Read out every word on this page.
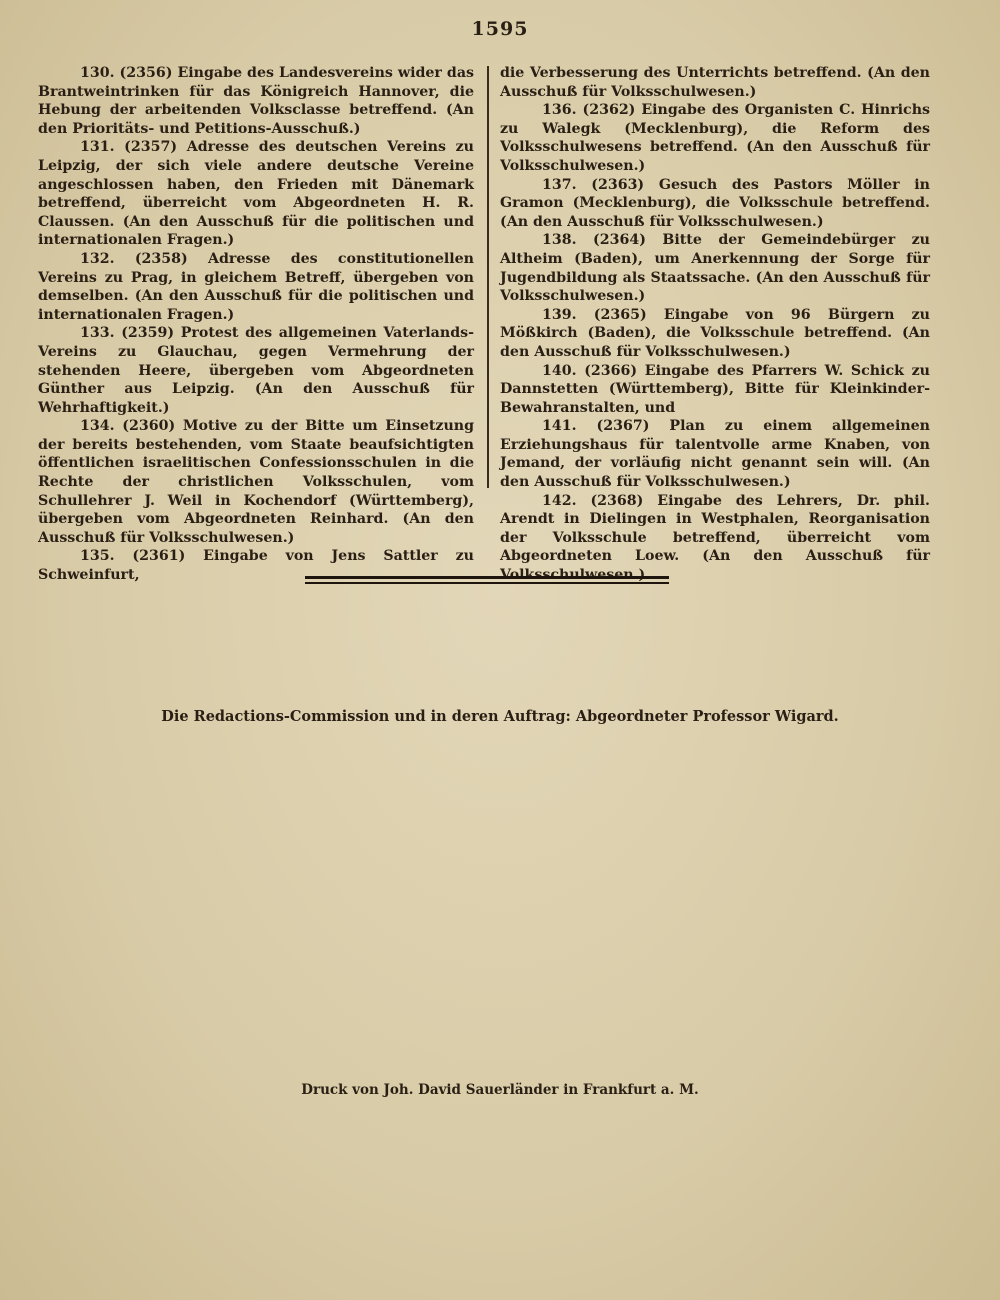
1595

130. (2356) Eingabe des Landesvereins wider das Brantweintrinken für das Königreich Hannover, die Hebung der arbeitenden Volksclasse betreffend. (An den Prioritäts- und Petitions-Ausschuß.)

131. (2357) Adresse des deutschen Vereins zu Leipzig, der sich viele andere deutsche Vereine angeschlossen haben, den Frieden mit Dänemark betreffend, überreicht vom Abgeordneten H. R. Claussen. (An den Ausschuß für die politischen und internationalen Fragen.)

132. (2358) Adresse des constitutionellen Vereins zu Prag, in gleichem Betreff, übergeben von demselben. (An den Ausschuß für die politischen und internationalen Fragen.)

133. (2359) Protest des allgemeinen Vaterlands-Vereins zu Glauchau, gegen Vermehrung der stehenden Heere, übergeben vom Abgeordneten Günther aus Leipzig. (An den Ausschuß für Wehrhaftigkeit.)

134. (2360) Motive zu der Bitte um Einsetzung der bereits bestehenden, vom Staate beaufsichtigten öffentlichen israelitischen Confessionsschulen in die Rechte der christlichen Volksschulen, vom Schullehrer J. Weil in Kochendorf (Württemberg), übergeben vom Abgeordneten Reinhard. (An den Ausschuß für Volksschulwesen.)

135. (2361) Eingabe von Jens Sattler zu Schweinfurt,

die Verbesserung des Unterrichts betreffend. (An den Ausschuß für Volksschulwesen.)

136. (2362) Eingabe des Organisten C. Hinrichs zu Walegk (Mecklenburg), die Reform des Volksschulwesens betreffend. (An den Ausschuß für Volksschulwesen.)

137. (2363) Gesuch des Pastors Möller in Gramon (Mecklenburg), die Volksschule betreffend. (An den Ausschuß für Volksschulwesen.)

138. (2364) Bitte der Gemeindebürger zu Altheim (Baden), um Anerkennung der Sorge für Jugendbildung als Staatssache. (An den Ausschuß für Volksschulwesen.)

139. (2365) Eingabe von 96 Bürgern zu Mößkirch (Baden), die Volksschule betreffend. (An den Ausschuß für Volksschulwesen.)

140. (2366) Eingabe des Pfarrers W. Schick zu Dannstetten (Württemberg), Bitte für Kleinkinder-Bewahranstalten, und

141. (2367) Plan zu einem allgemeinen Erziehungshaus für talentvolle arme Knaben, von Jemand, der vorläufig nicht genannt sein will. (An den Ausschuß für Volksschulwesen.)

142. (2368) Eingabe des Lehrers, Dr. phil. Arendt in Dielingen in Westphalen, Reorganisation der Volksschule betreffend, überreicht vom Abgeordneten Loew. (An den Ausschuß für

Die Redactions-Commission und in deren Auftrag: Abgeordneter Professor Wigard.
Druck von Joh. David Sauerländer in Frankfurt a. M.
